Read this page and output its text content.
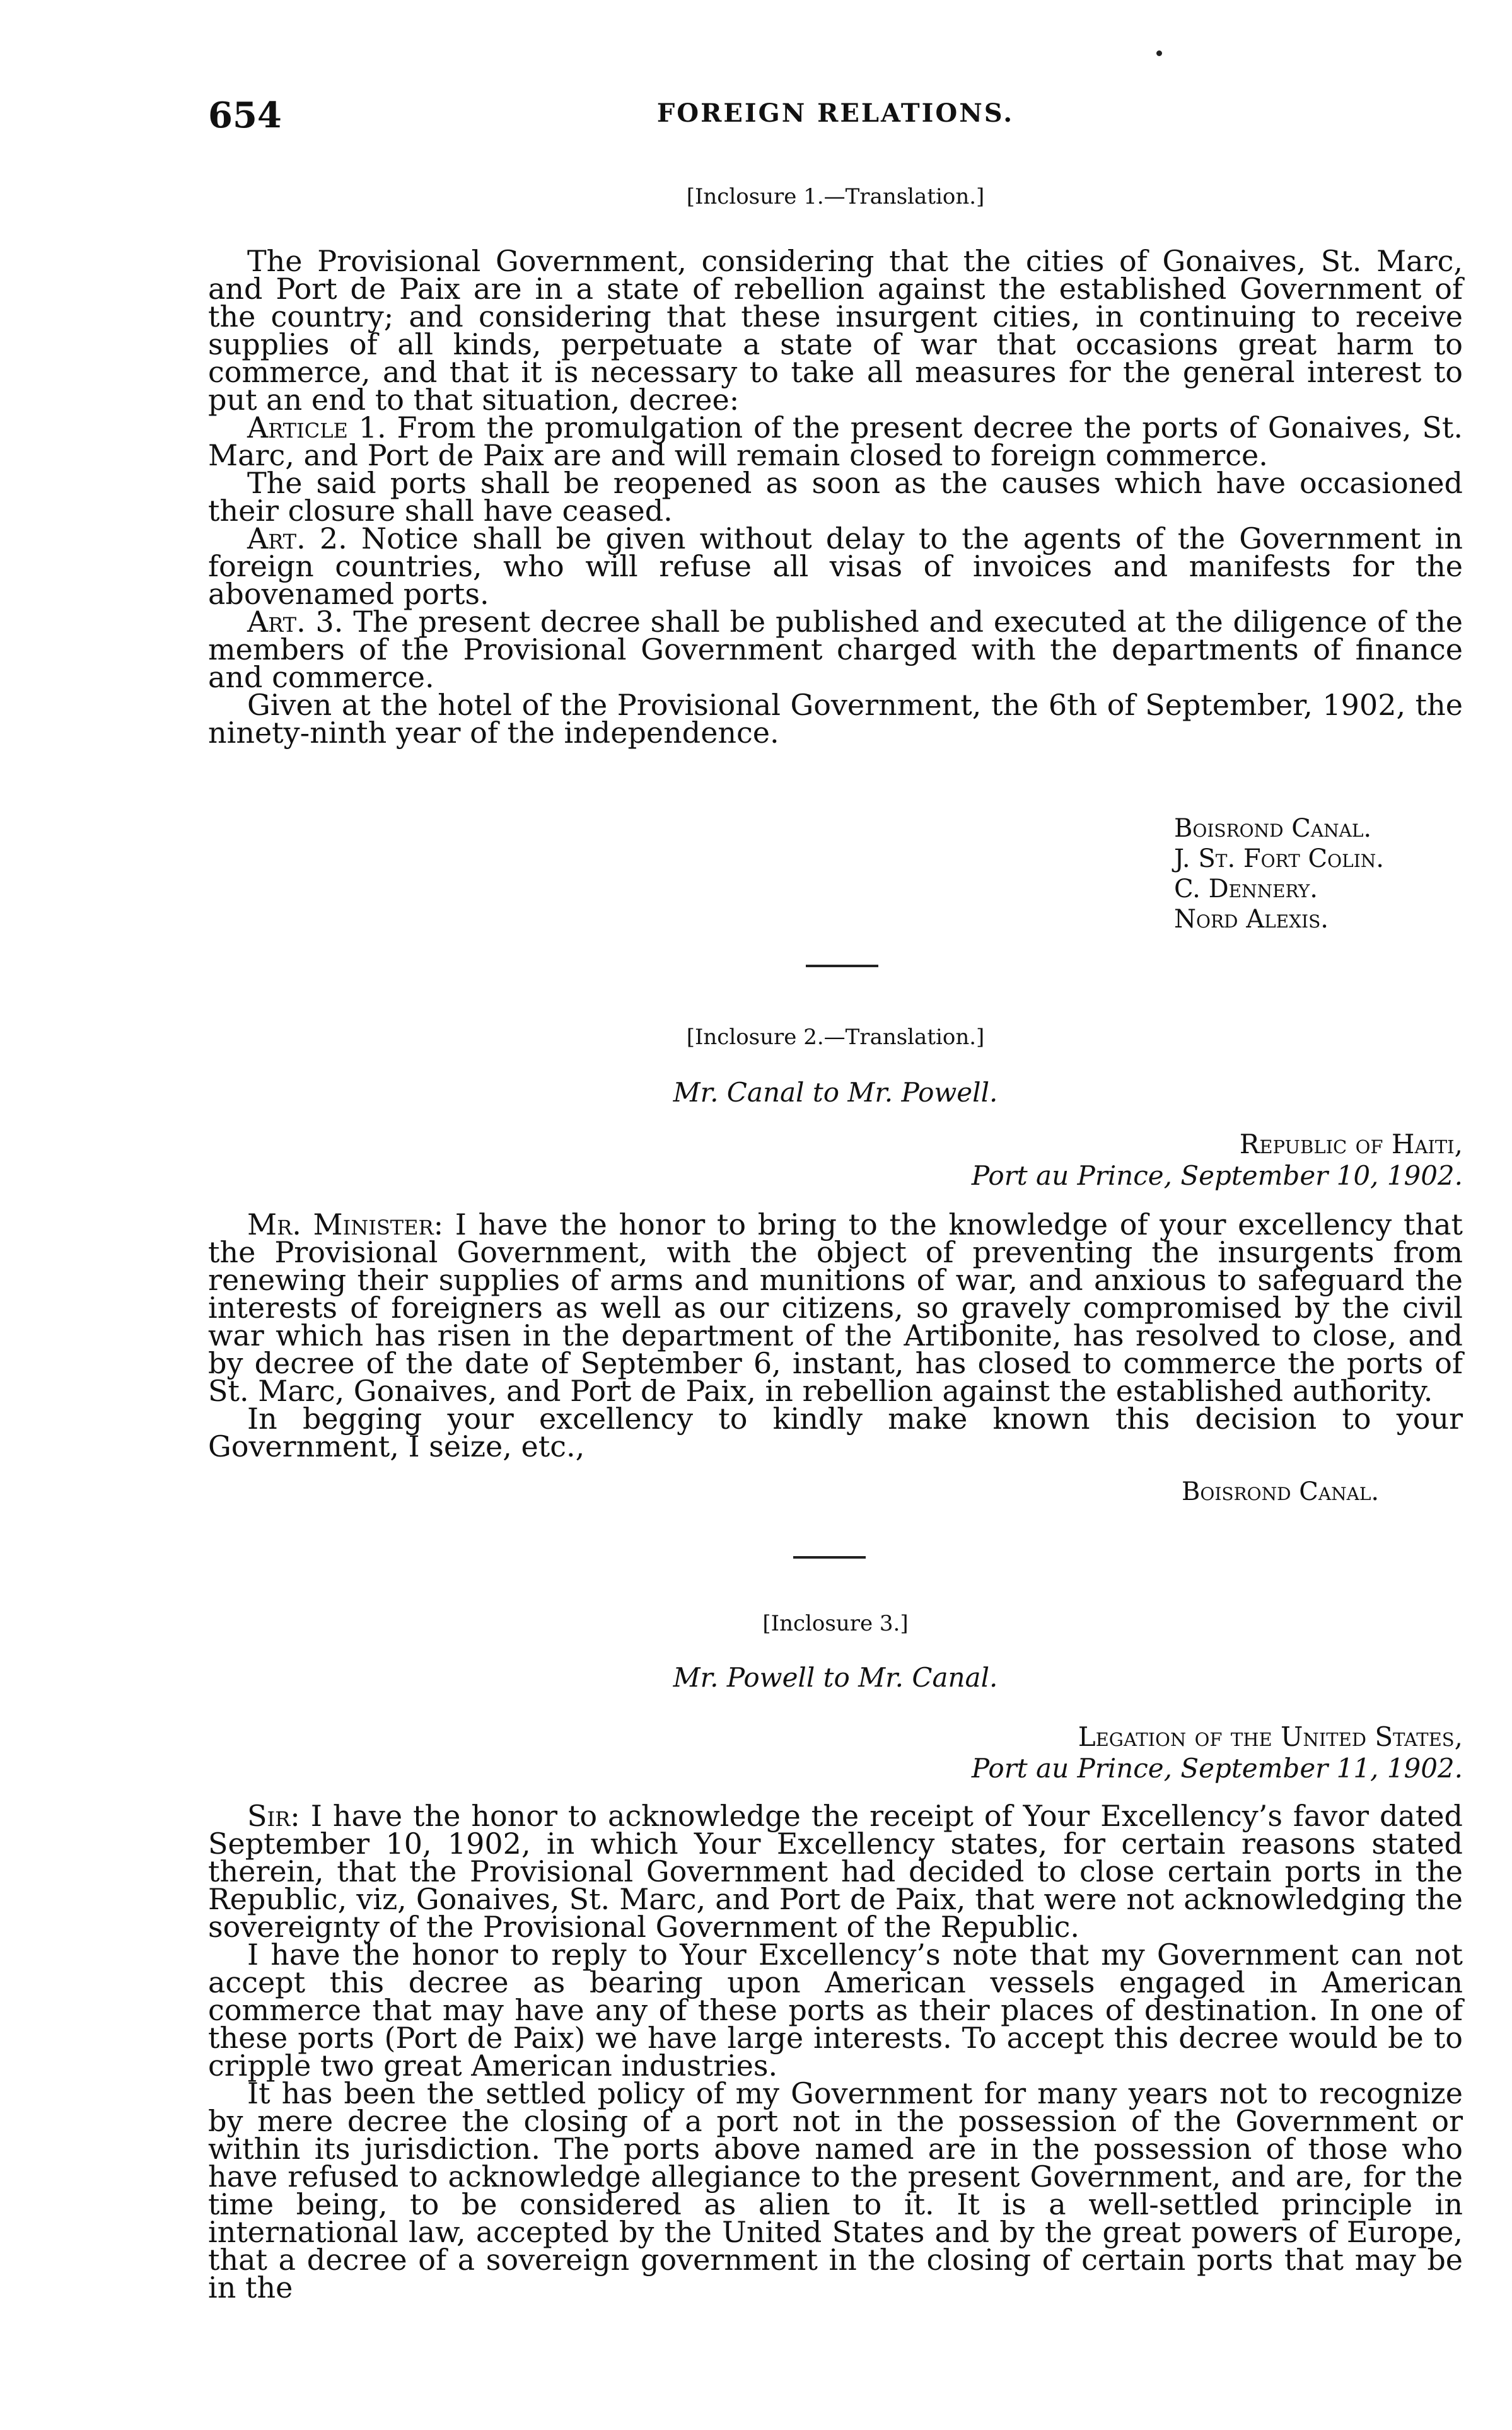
654	FOREIGN RELATIONS.
[Inclosure 1.—Translation.]

The Provisional Government, considering that the cities of Gonaives, St. Marc, and Port de Paix are in a state of rebellion against the established Government of the country; and considering that these insurgent cities, in continuing to receive supplies of all kinds, perpetuate a state of war that occasions great harm to commerce, and that it is necessary to take all measures for the general interest to put an end to that situation, decree:

Article 1. From the promulgation of the present decree the ports of Gonaives, St. Marc, and Port de Paix are and will remain closed to foreign commerce.

The said ports shall be reopened as soon as the causes which have occasioned their closure shall have ceased.

Art. 2. Notice shall be given without delay to the agents of the Government in foreign countries, who will refuse all visas of invoices and manifests for the abovenamed ports.

Art. 3. The present decree shall be published and executed at the diligence of the members of the Provisional Government charged with the departments of finance and commerce.

Given at the hotel of the Provisional Government, the 6th of September, 1902, the ninety-ninth year of the independence.

Boisrond Canal.
J. St. Fort Colin.
C. Dennery.
Nord Alexis.
[Inclosure 2.—Translation.]
Mr. Canal to Mr. Powell.
Republic of Haiti,
Port au Prince, September 10, 1902.

Mr. Minister: I have the honor to bring to the knowledge of your excellency that the Provisional Government, with the object of preventing the insurgents from renewing their supplies of arms and munitions of war, and anxious to safeguard the interests of foreigners as well as our citizens, so gravely compromised by the civil war which has risen in the department of the Artibonite, has resolved to close, and by decree of the date of September 6, instant, has closed to commerce the ports of St. Marc, Gonaives, and Port de Paix, in rebellion against the established authority.

In begging your excellency to kindly make known this decision to your Government, I seize, etc.,

Boisrond Canal.
[Inclosure 3.]
Mr. Powell to Mr. Canal.
Legation of the United States,
Port au Prince, September 11, 1902.

Sir: I have the honor to acknowledge the receipt of Your Excellency’s favor dated September 10, 1902, in which Your Excellency states, for certain reasons stated therein, that the Provisional Government had decided to close certain ports in the Republic, viz, Gonaives, St. Marc, and Port de Paix, that were not acknowledging the sovereignty of the Provisional Government of the Republic.

I have the honor to reply to Your Excellency’s note that my Government can not accept this decree as bearing upon American vessels engaged in American commerce that may have any of these ports as their places of destination. In one of these ports (Port de Paix) we have large interests. To accept this decree would be to cripple two great American industries.

It has been the settled policy of my Government for many years not to recognize by mere decree the closing of a port not in the possession of the Government or within its jurisdiction. The ports above named are in the possession of those who have refused to acknowledge allegiance to the present Government, and are, for the time being, to be considered as alien to it. It is a well-settled principle in international law, accepted by the United States and by the great powers of Europe, that a decree of a sovereign government in the closing of certain ports that may be in the
